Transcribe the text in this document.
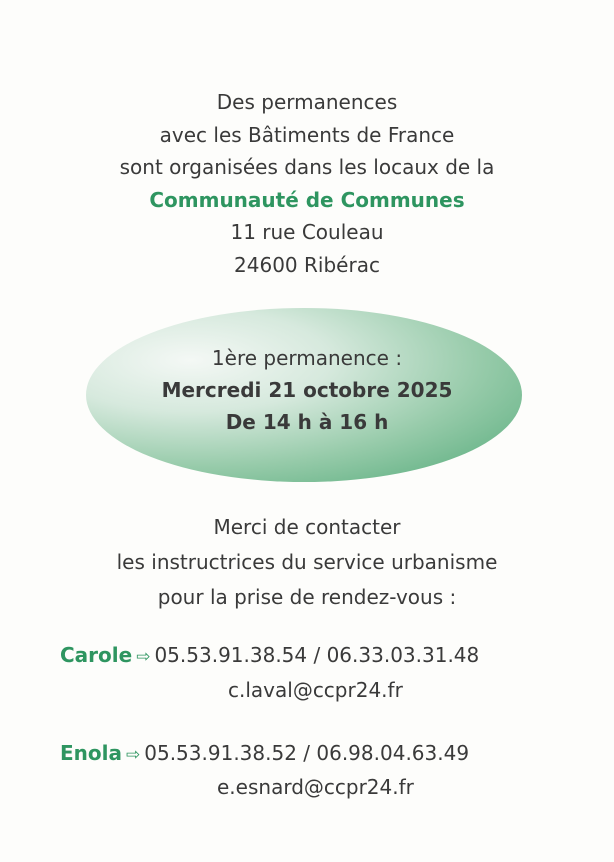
Des permanences
avec les Bâtiments de France
sont organisées dans les locaux de la
Communauté de Communes
11 rue Couleau
24600 Ribérac
1ère permanence :
Mercredi 21 octobre 2025
De 14 h à 16 h
Merci de contacter
les instructrices du service urbanisme
pour la prise de rendez-vous :
Carole ⇨ 05.53.91.38.54 / 06.33.03.31.48
c.laval@ccpr24.fr
Enola ⇨ 05.53.91.38.52 / 06.98.04.63.49
e.esnard@ccpr24.fr
